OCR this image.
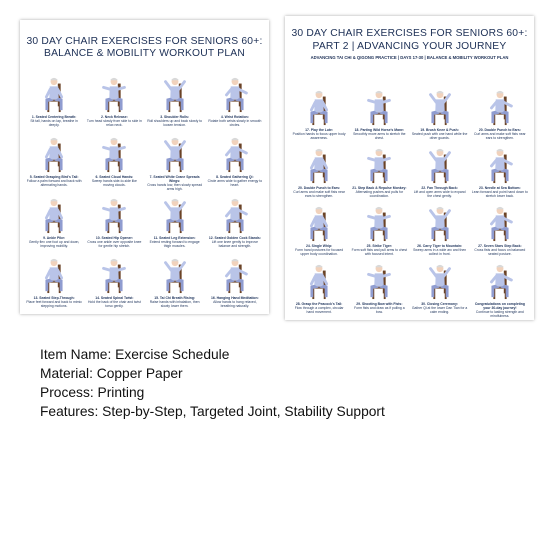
30 DAY CHAIR EXERCISES FOR SENIORS 60+:
BALANCE & MOBILITY WORKOUT PLAN
1. Seated Centering Breath:
Sit tall, hands on lap, breathe in deeply.
2. Neck Release:
Turn head slowly from side to side in relax neck.
3. Shoulder Rolls:
Roll shoulders up and back slowly to loosen tension.
4. Wrist Rotation:
Rotate both wrists slowly in smooth circles.
5. Seated Grasping Bird's Tail:
Follow a palm forward and back with alternating hands.
6. Seated Cloud Hands:
Sweep hands side-to-side like moving clouds.
7. Seated White Crane Spreads Wings:
Cross hands low, then slowly spread arms high.
8. Seated Gathering Qi:
Circle arms wide to gather energy to heart.
9. Ankle Pike:
Gently flex one foot up and down, improving mobility.
10. Seated Hip Opener:
Cross one ankle over opposite knee for gentle hip stretch.
11. Seated Leg Extension:
Extend resting forward to engage thigh muscles.
12. Seated Golden Cock Stands:
Lift one knee gently to improve balance and strength.
13. Seated Step-Through:
Place feet forward and back to mimic stepping motions.
14. Seated Spinal Twist:
Hold the back of the chair and twist torso gently.
15. Tai Chi Breath Rising:
Raise hands with inhalation, then slowly lower them.
16. Hanging Hand Meditation:
Allow hands to hang relaxed, breathing naturally.
30 DAY CHAIR EXERCISES FOR SENIORS 60+:
PART 2 | ADVANCING YOUR JOURNEY
ADVANCING TAI CHI & QIGONG PRACTICE | DAYS 17-30 | BALANCE & MOBILITY WORKOUT PLAN
17. Play the Lute:
Position hands to focus upper body awareness.
18. Parting Wild Horse's Mane:
Smoothly move arms to stretch the chest.
19. Brush Knee & Push:
Seated push with one hand while the other guards.
20. Double Punch to Ears:
Curl arms and make soft fists near ears to strengthen.
20. Double Punch to Ears:
Curl arms and make soft fists near ears to strengthen.
21. Step Back & Repulse Monkey:
Alternating pushes and pulls for coordination.
22. Fan Through Back:
Lift and open arms wide to expand the chest gently.
23. Needle at Sea Bottom:
Lean forward and point hand down to stretch lower back.
24. Single Whip:
Form hand postures for focused upper body coordination.
25. Strike Tiger:
Form soft fists and pull arms to chest with focused intent.
26. Carry Tiger to Mountain:
Sweep arms in a wide arc and then collect in front.
27. Seven Stars Step Back:
Cross fists and focus on balanced seated posture.
28. Grasp the Peacock's Tail:
Flow through a complex, circular hand movement.
29. Shooting Bow with Fists:
Form fists and draw as if pulling a bow.
30. Closing Ceremony:
Gather Qi at the lower Dan Tian for a calm ending.
Congratulations on completing your 30-day journey!
Continue to lasting strength and mindfulness.
Item Name: Exercise Schedule
Material: Copper Paper
Process: Printing
Features: Step-by-Step, Targeted Joint, Stability Support
